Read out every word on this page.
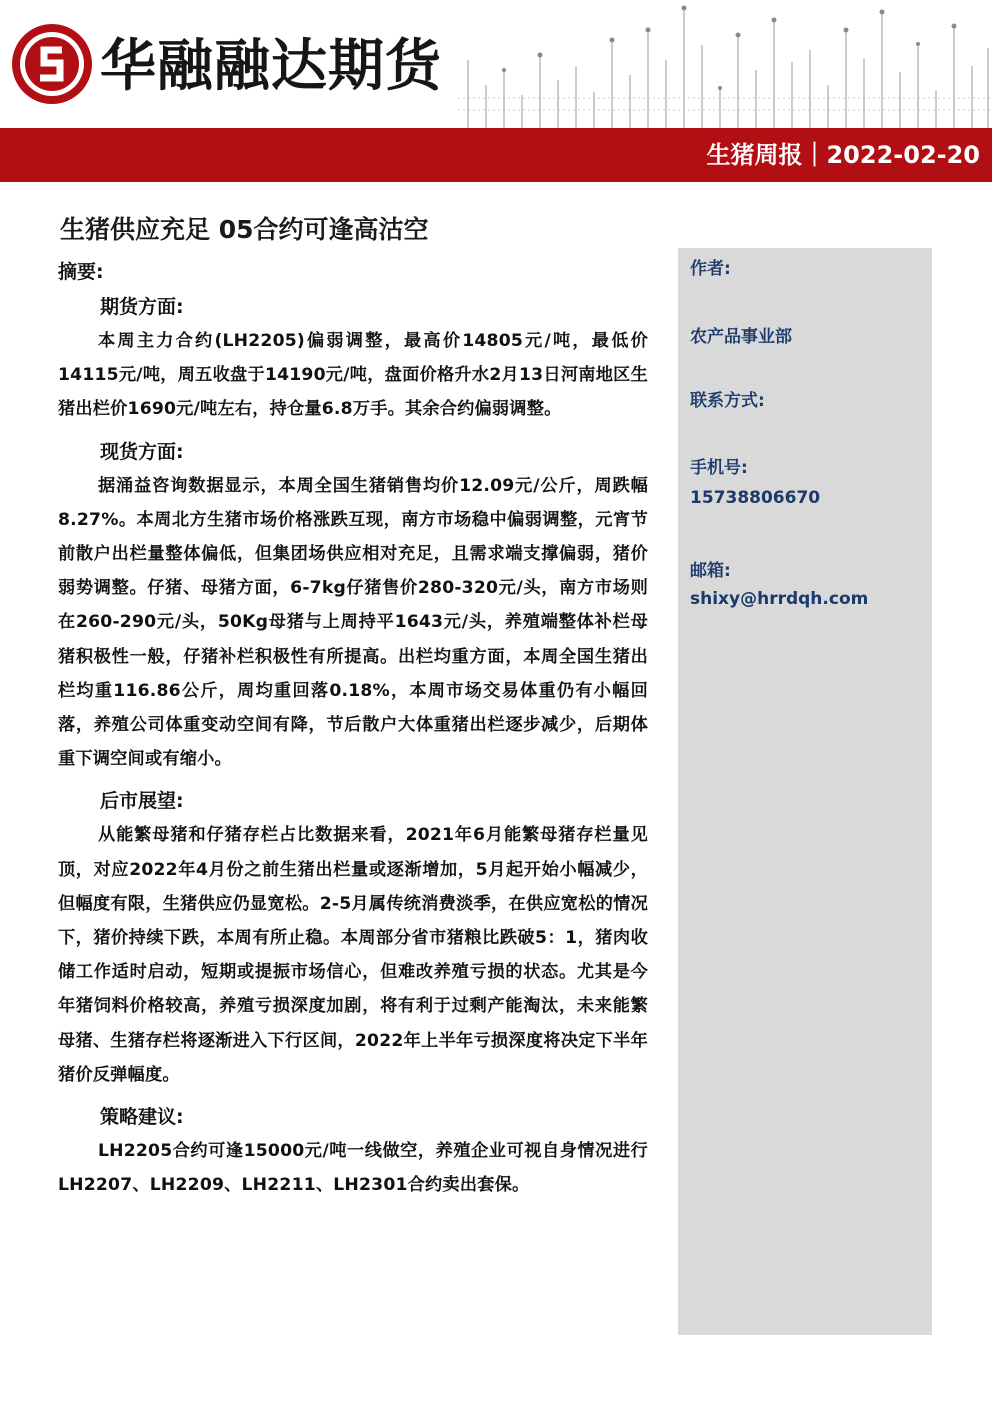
华融融达期货
生猪周报｜2022-02-20
生猪供应充足 05合约可逢高沽空
摘要:
期货方面:

本周主力合约(LH2205)偏弱调整，最高价14805元/吨，最低价14115元/吨，周五收盘于14190元/吨，盘面价格升水2月13日河南地区生猪出栏价1690元/吨左右，持仓量6.8万手。其余合约偏弱调整。

现货方面:

据涌益咨询数据显示，本周全国生猪销售均价12.09元/公斤，周跌幅8.27%。本周北方生猪市场价格涨跌互现，南方市场稳中偏弱调整，元宵节前散户出栏量整体偏低，但集团场供应相对充足，且需求端支撑偏弱，猪价弱势调整。仔猪、母猪方面，6-7kg仔猪售价280-320元/头，南方市场则在260-290元/头，50Kg母猪与上周持平1643元/头，养殖端整体补栏母猪积极性一般，仔猪补栏积极性有所提高。出栏均重方面，本周全国生猪出栏均重116.86公斤，周均重回落0.18%，本周市场交易体重仍有小幅回落，养殖公司体重变动空间有降，节后散户大体重猪出栏逐步减少，后期体重下调空间或有缩小。

后市展望:

从能繁母猪和仔猪存栏占比数据来看，2021年6月能繁母猪存栏量见顶，对应2022年4月份之前生猪出栏量或逐渐增加，5月起开始小幅减少，但幅度有限，生猪供应仍显宽松。2-5月属传统消费淡季，在供应宽松的情况下，猪价持续下跌，本周有所止稳。本周部分省市猪粮比跌破5：1，猪肉收储工作适时启动，短期或提振市场信心，但难改养殖亏损的状态。尤其是今年猪饲料价格较高，养殖亏损深度加剧，将有利于过剩产能淘汰，未来能繁母猪、生猪存栏将逐渐进入下行区间，2022年上半年亏损深度将决定下半年猪价反弹幅度。

策略建议:

LH2205合约可逢15000元/吨一线做空，养殖企业可视自身情况进行LH2207、LH2209、LH2211、LH2301合约卖出套保。

作者:
农产品事业部
联系方式:
手机号:
15738806670
邮箱:
shixy@hrrdqh.com
